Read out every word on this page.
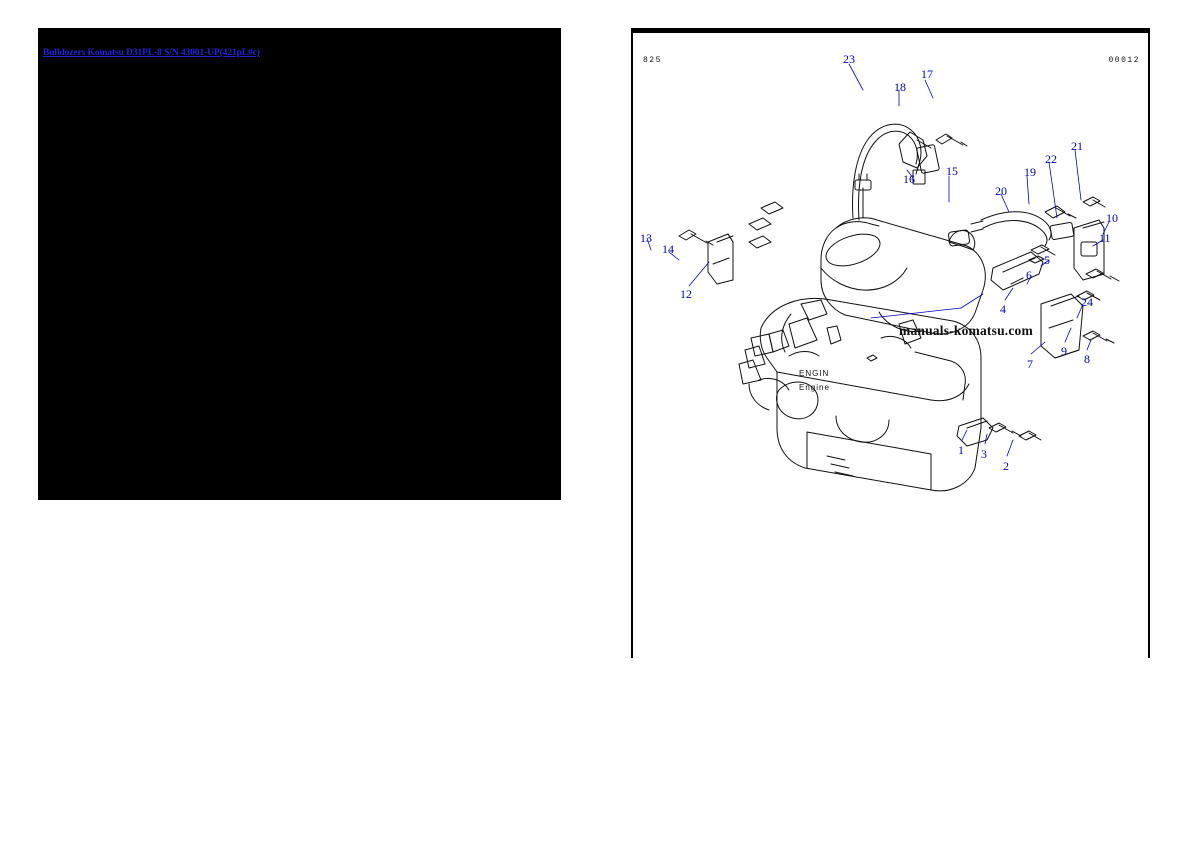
Bulldozers Komatsu D31PL-8 S/N 43001-UP(421pL#c)
825	00012
ENGIN
Engine
manuals-komatsu.com
23
18
17
16
15	19
20
22
21
10
11
13
14
12
5
6
4	24
9
8
7
1 3
2
